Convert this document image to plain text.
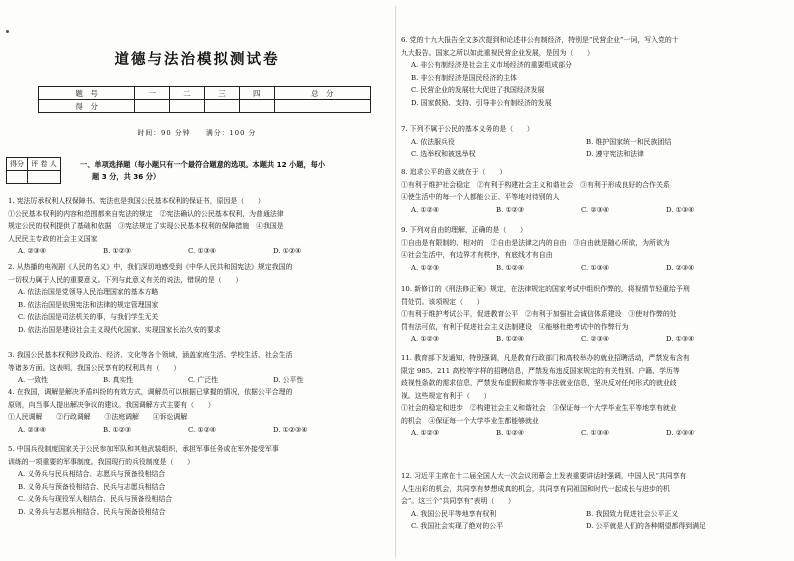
道德与法治模拟测试卷
题　号	一	二	三	四	总　分
得　分					
时间：90 分钟　　满分：100 分
得分	评 卷 人
		一、单项选择题（每小题只有一个最符合题意的选项。本题共 12 小题，每小
题 3 分，共 36 分）
1. 宪法厉承权利人权保障书。宪法也是我国公民基本权利的保证书，原因是（　　）
①公民基本权利的内容和范围都来自宪法的规定　②宪法确认的公民基本权利，为普通法律
规定公民的权利提供了基础和依据　③宪法规定了实现公民基本权利的保障措施　④我国是
人民民主专政的社会主义国家
A. ②③④	B. ①②③	C. ①③④	D. ①②④
2. 从热播的电视剧《人民的名义》中，我们深切地感受到《中华人民共和国宪法》规定我国的
一切权力属于人民的重要意义。下列与此意义有关的说法，错误的是（　　）
A. 依法治国是党领导人民治理国家的基本方略
B. 依法治国是依照宪法和法律的规定管理国家
C. 依法治国是司法机关的事，与我们学生无关
D. 依法治国是建设社会主义现代化国家、实现国家长治久安的要求
3. 我国公民基本权利涉及政治、经济、文化等各个领域，涵盖家庭生活、学校生活、社会生活
等诸多方面。这表明，我国公民享有的权利具有（　　）
A. 一致性	B. 真实性	C. 广泛性	D. 公平性
4. 在我国，调解是解决矛盾纠纷的有效方式，调解员可以根据已掌握的情况，依据公平合理的
原则，向当事人提出解决争议的建议。我国调解方式主要有（　　）
①人民调解　　②行政调解　　③法庭调解　　④诉讼调解
A. ②③④	B. ①②③	C. ①②④	D. ①②③④
5. 中国兵役制度国家关于公民参加军队和其他武装组织，承担军事任务或在军外接受军事
训练的一项重要的军事制度。我国现行的兵役制度是（　　）
A. 义务兵与民兵相结合、志愿兵与预备役相结合
B. 义务兵与预备役相结合、民兵与志愿兵相结合
C. 义务兵与现役军人相结合、民兵与预备役相结合
D. 义务兵与志愿兵相结合、民兵与预备役相结合
6. 党的十九大报告全文多次提到和论述非公有制经济，特别是“民营企业”一词，写入党的十
九大报告。国家之所以如此重视民营企业发展，是因为（　　）
A. 非公有制经济是社会主义市场经济的重要组成部分
B. 非公有制经济是国民经济的主体
C. 民营企业的发展壮大促进了我国经济发展
D. 国家鼓励、支持、引导非公有制经济的发展
7. 下列不属于公民的基本义务的是（　　）
A. 依法服兵役	B. 维护国家统一和民族团结
C. 选举权和被选举权	D. 遵守宪法和法律
8. 追求公平的意义就在于（　　）
①有利于维护社会稳定　②有利于构建社会主义和谐社会　③有利于形成良好的合作关系
④使生活中的每一个人都能公正、平等地对待别的人
A. ①②④	B. ①②③	C. ②③④	D. ①③④
9. 下列对自由的理解，正确的是（　　）
①自由是有限制的、相对的　②自由是法律之内的自由　③自由就是随心所欲，为所欲为
④社会生活中，有边界才有秩序，有底线才有自由
A. ①②③	B. ①②④	C. ①③④	D. ②③④
10. 新修订的《刑法修正案》规定，在法律规定的国家考试中组织作弊的，将视情节轻重给予刑
罚处罚。该项规定（　　）
①有利于维护考试公平，促进教育公平　②有利于加强社会诚信体系建设　③使对作弊的处
罚有法可依，有利于促进社会主义法制建设　④能够杜绝考试中的作弊行为
A. ①②③	B. ①②④	C. ②③④	D. ①③④
11. 教育部下发通知，特别强调，凡是教育行政部门和高校举办的就业招聘活动，严禁发布含有
限定 985、211 高校等字样的招聘信息，严禁发布违反国家规定的有关性别、户籍、学历等
歧视性条款的需求信息，严禁发布虚假和欺诈等非法就业信息，坚决反对任何形式的就业歧
视。这些规定有利于（　　）
①社会的稳定和进步　②构建社会主义和谐社会　③保证每一个大学毕业生平等地享有就业
的机会　④保证每一个大学毕业生都能够就业
A. ①②③	B. ①②④	C. ①③④	D. ②③④
12. 习近平主席在十二届全国人大一次会议闭幕会上发表重要讲话时强调，中国人民“共同享有
人生出彩的机会，共同享有梦想成真的机会，共同享有同祖国和时代一起成长与进步的机
会”。这三个“共同享有”表明（　　）
A. 我国公民平等地享有权利	B. 我国致力促进社会公平正义
C. 我国社会实现了绝对的公平	D. 公平就是人们的各种期望都得到满足
